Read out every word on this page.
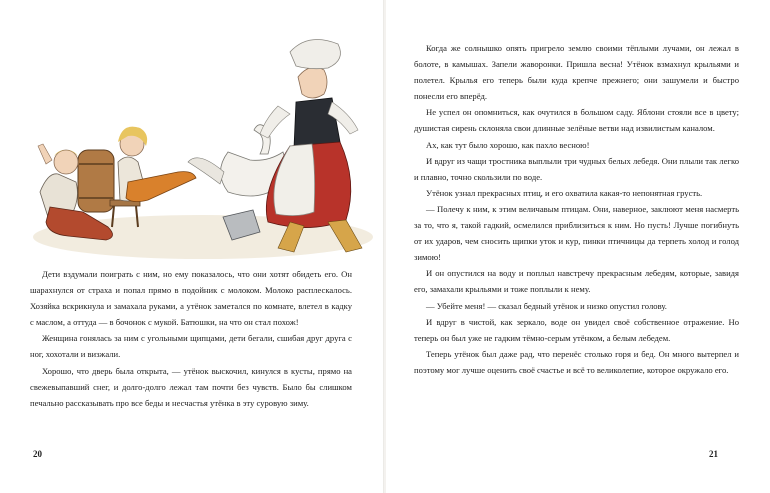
Дети вздумали поиграть с ним, но ему показалось, что они хотят обидеть его. Он шарахнулся от страха и попал прямо в подойник с молоком. Молоко расплескалось. Хозяйка вскрикнула и замахала руками, а утёнок заметался по комнате, влетел в кадку с маслом, а оттуда — в бочонок с мукой. Батюшки, на что он стал похож!

Женщина гонялась за ним с угольными щипцами, дети бегали, сшибая друг друга с ног, хохотали и визжали.

Хорошо, что дверь была открыта, — утёнок выскочил, кинулся в кусты, прямо на свежевыпавший снег, и долго-долго лежал там почти без чувств. Было бы слишком печально рассказывать про все беды и несчастья утёнка в эту суровую зиму.

20

Когда же солнышко опять пригрело землю своими тёплыми лучами, он лежал в болоте, в камышах. Запели жаворонки. Пришла весна! Утёнок взмахнул крыльями и полетел. Крылья его теперь были куда крепче прежнего; они зашумели и быстро понесли его вперёд.

Не успел он опомниться, как очутился в большом саду. Яблони стояли все в цвету; душистая сирень склоняла свои длинные зелёные ветви над извилистым каналом.

Ах, как тут было хорошо, как пахло весною!

И вдруг из чащи тростника выплыли три чудных белых лебедя. Они плыли так легко и плавно, точно скользили по воде.

Утёнок узнал прекрасных птиц, и его охватила какая-то непонятная грусть.

— Полечу к ним, к этим величавым птицам. Они, наверное, заклюют меня насмерть за то, что я, такой гадкий, осмелился приблизиться к ним. Но пусть! Лучше погибнуть от их ударов, чем сносить щипки уток и кур, пинки птичницы да терпеть холод и голод зимою!

И он опустился на воду и поплыл навстречу прекрасным лебедям, которые, завидя его, замахали крыльями и тоже поплыли к нему.

— Убейте меня! — сказал бедный утёнок и низко опустил голову.

И вдруг в чистой, как зеркало, воде он увидел своё собственное отражение. Но теперь он был уже не гадким тёмно-серым утёнком, а белым лебедем.

Теперь утёнок был даже рад, что перенёс столько горя и бед. Он много вытерпел и поэтому мог лучше оценить своё счастье и всё то великолепие, которое окружало его.

21
